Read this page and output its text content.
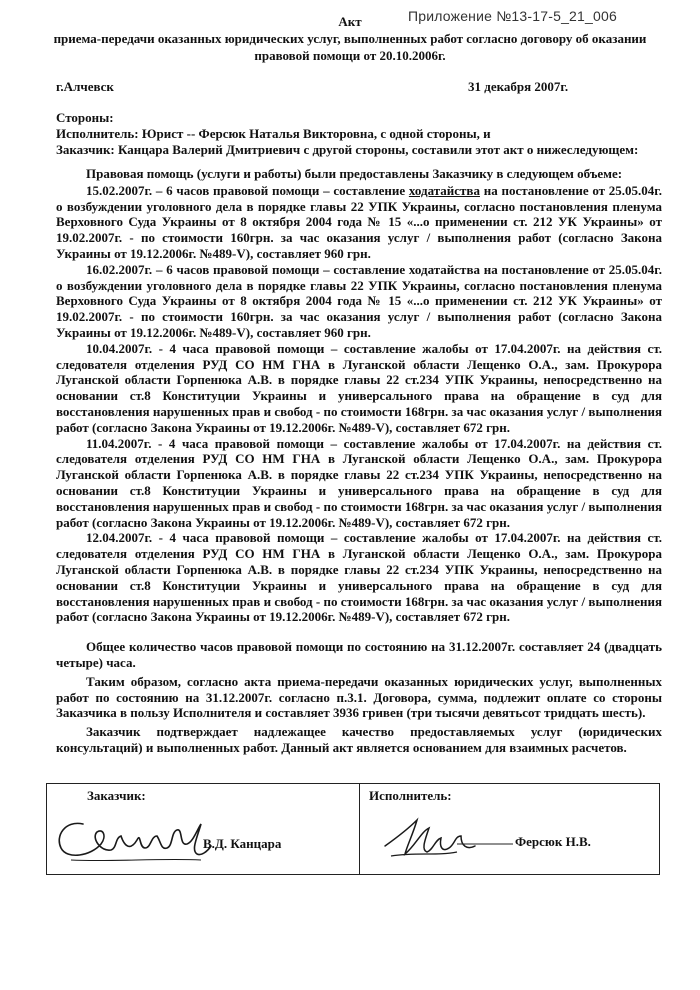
Приложение №13-17-5_21_006
Акт
приема-передачи оказанных юридических услуг, выполненных работ согласно договору об оказании правовой помощи от 20.10.2006г.
г.Алчевск	31 декабря 2007г.
Стороны:
Исполнитель: Юрист -- Ферсюк Наталья Викторовна, с одной стороны, и
Заказчик: Канцара Валерий Дмитриевич с другой стороны, составили этот акт о нижеследующем:

Правовая помощь (услуги и работы) были предоставлены Заказчику в следующем объеме:

15.02.2007г. – 6 часов правовой помощи – составление ходатайства на постановление от 25.05.04г. о возбуждении уголовного дела в порядке главы 22 УПК Украины, согласно постановления пленума Верховного Суда Украины от 8 октября 2004 года № 15 «...о применении ст. 212 УК Украины» от 19.02.2007г. - по стоимости 160грн. за час оказания услуг / выполнения работ (согласно Закона Украины от 19.12.2006г. №489-V), составляет 960 грн.

16.02.2007г. – 6 часов правовой помощи – составление ходатайства на постановление от 25.05.04г. о возбуждении уголовного дела в порядке главы 22 УПК Украины, согласно постановления пленума Верховного Суда Украины от 8 октября 2004 года № 15 «...о применении ст. 212 УК Украины» от 19.02.2007г. - по стоимости 160грн. за час оказания услуг / выполнения работ (согласно Закона Украины от 19.12.2006г. №489-V), составляет 960 грн.

10.04.2007г. - 4 часа правовой помощи – составление жалобы от 17.04.2007г. на действия ст. следователя отделения РУД СО НМ ГНА в Луганской области Лещенко О.А., зам. Прокурора Луганской области Горпенюка А.В. в порядке главы 22 ст.234 УПК Украины, непосредственно на основании ст.8 Конституции Украины и универсального права на обращение в суд для восстановления нарушенных прав и свобод - по стоимости 168грн. за час оказания услуг / выполнения работ (согласно Закона Украины от 19.12.2006г. №489-V), составляет 672 грн.

11.04.2007г. - 4 часа правовой помощи – составление жалобы от 17.04.2007г. на действия ст. следователя отделения РУД СО НМ ГНА в Луганской области Лещенко О.А., зам. Прокурора Луганской области Горпенюка А.В. в порядке главы 22 ст.234 УПК Украины, непосредственно на основании ст.8 Конституции Украины и универсального права на обращение в суд для восстановления нарушенных прав и свобод - по стоимости 168грн. за час оказания услуг / выполнения работ (согласно Закона Украины от 19.12.2006г. №489-V), составляет 672 грн.

12.04.2007г. - 4 часа правовой помощи – составление жалобы от 17.04.2007г. на действия ст. следователя отделения РУД СО НМ ГНА в Луганской области Лещенко О.А., зам. Прокурора Луганской области Горпенюка А.В. в порядке главы 22 ст.234 УПК Украины, непосредственно на основании ст.8 Конституции Украины и универсального права на обращение в суд для восстановления нарушенных прав и свобод - по стоимости 168грн. за час оказания услуг / выполнения работ (согласно Закона Украины от 19.12.2006г. №489-V), составляет 672 грн.

Общее количество часов правовой помощи по состоянию на 31.12.2007г. составляет 24 (двадцать четыре) часа.

Таким образом, согласно акта приема-передачи оказанных юридических услуг, выполненных работ по состоянию на 31.12.2007г. согласно п.3.1. Договора, сумма, подлежит оплате со стороны Заказчика в пользу Исполнителя и составляет 3936 гривен (три тысячи девятьсот тридцать шесть).

Заказчик подтверждает надлежащее качество предоставляемых услуг (юридических консультаций) и выполненных работ. Данный акт является основанием для взаимных расчетов.

Заказчик:
В.Д. Канцара
Исполнитель:
Ферсюк Н.В.
